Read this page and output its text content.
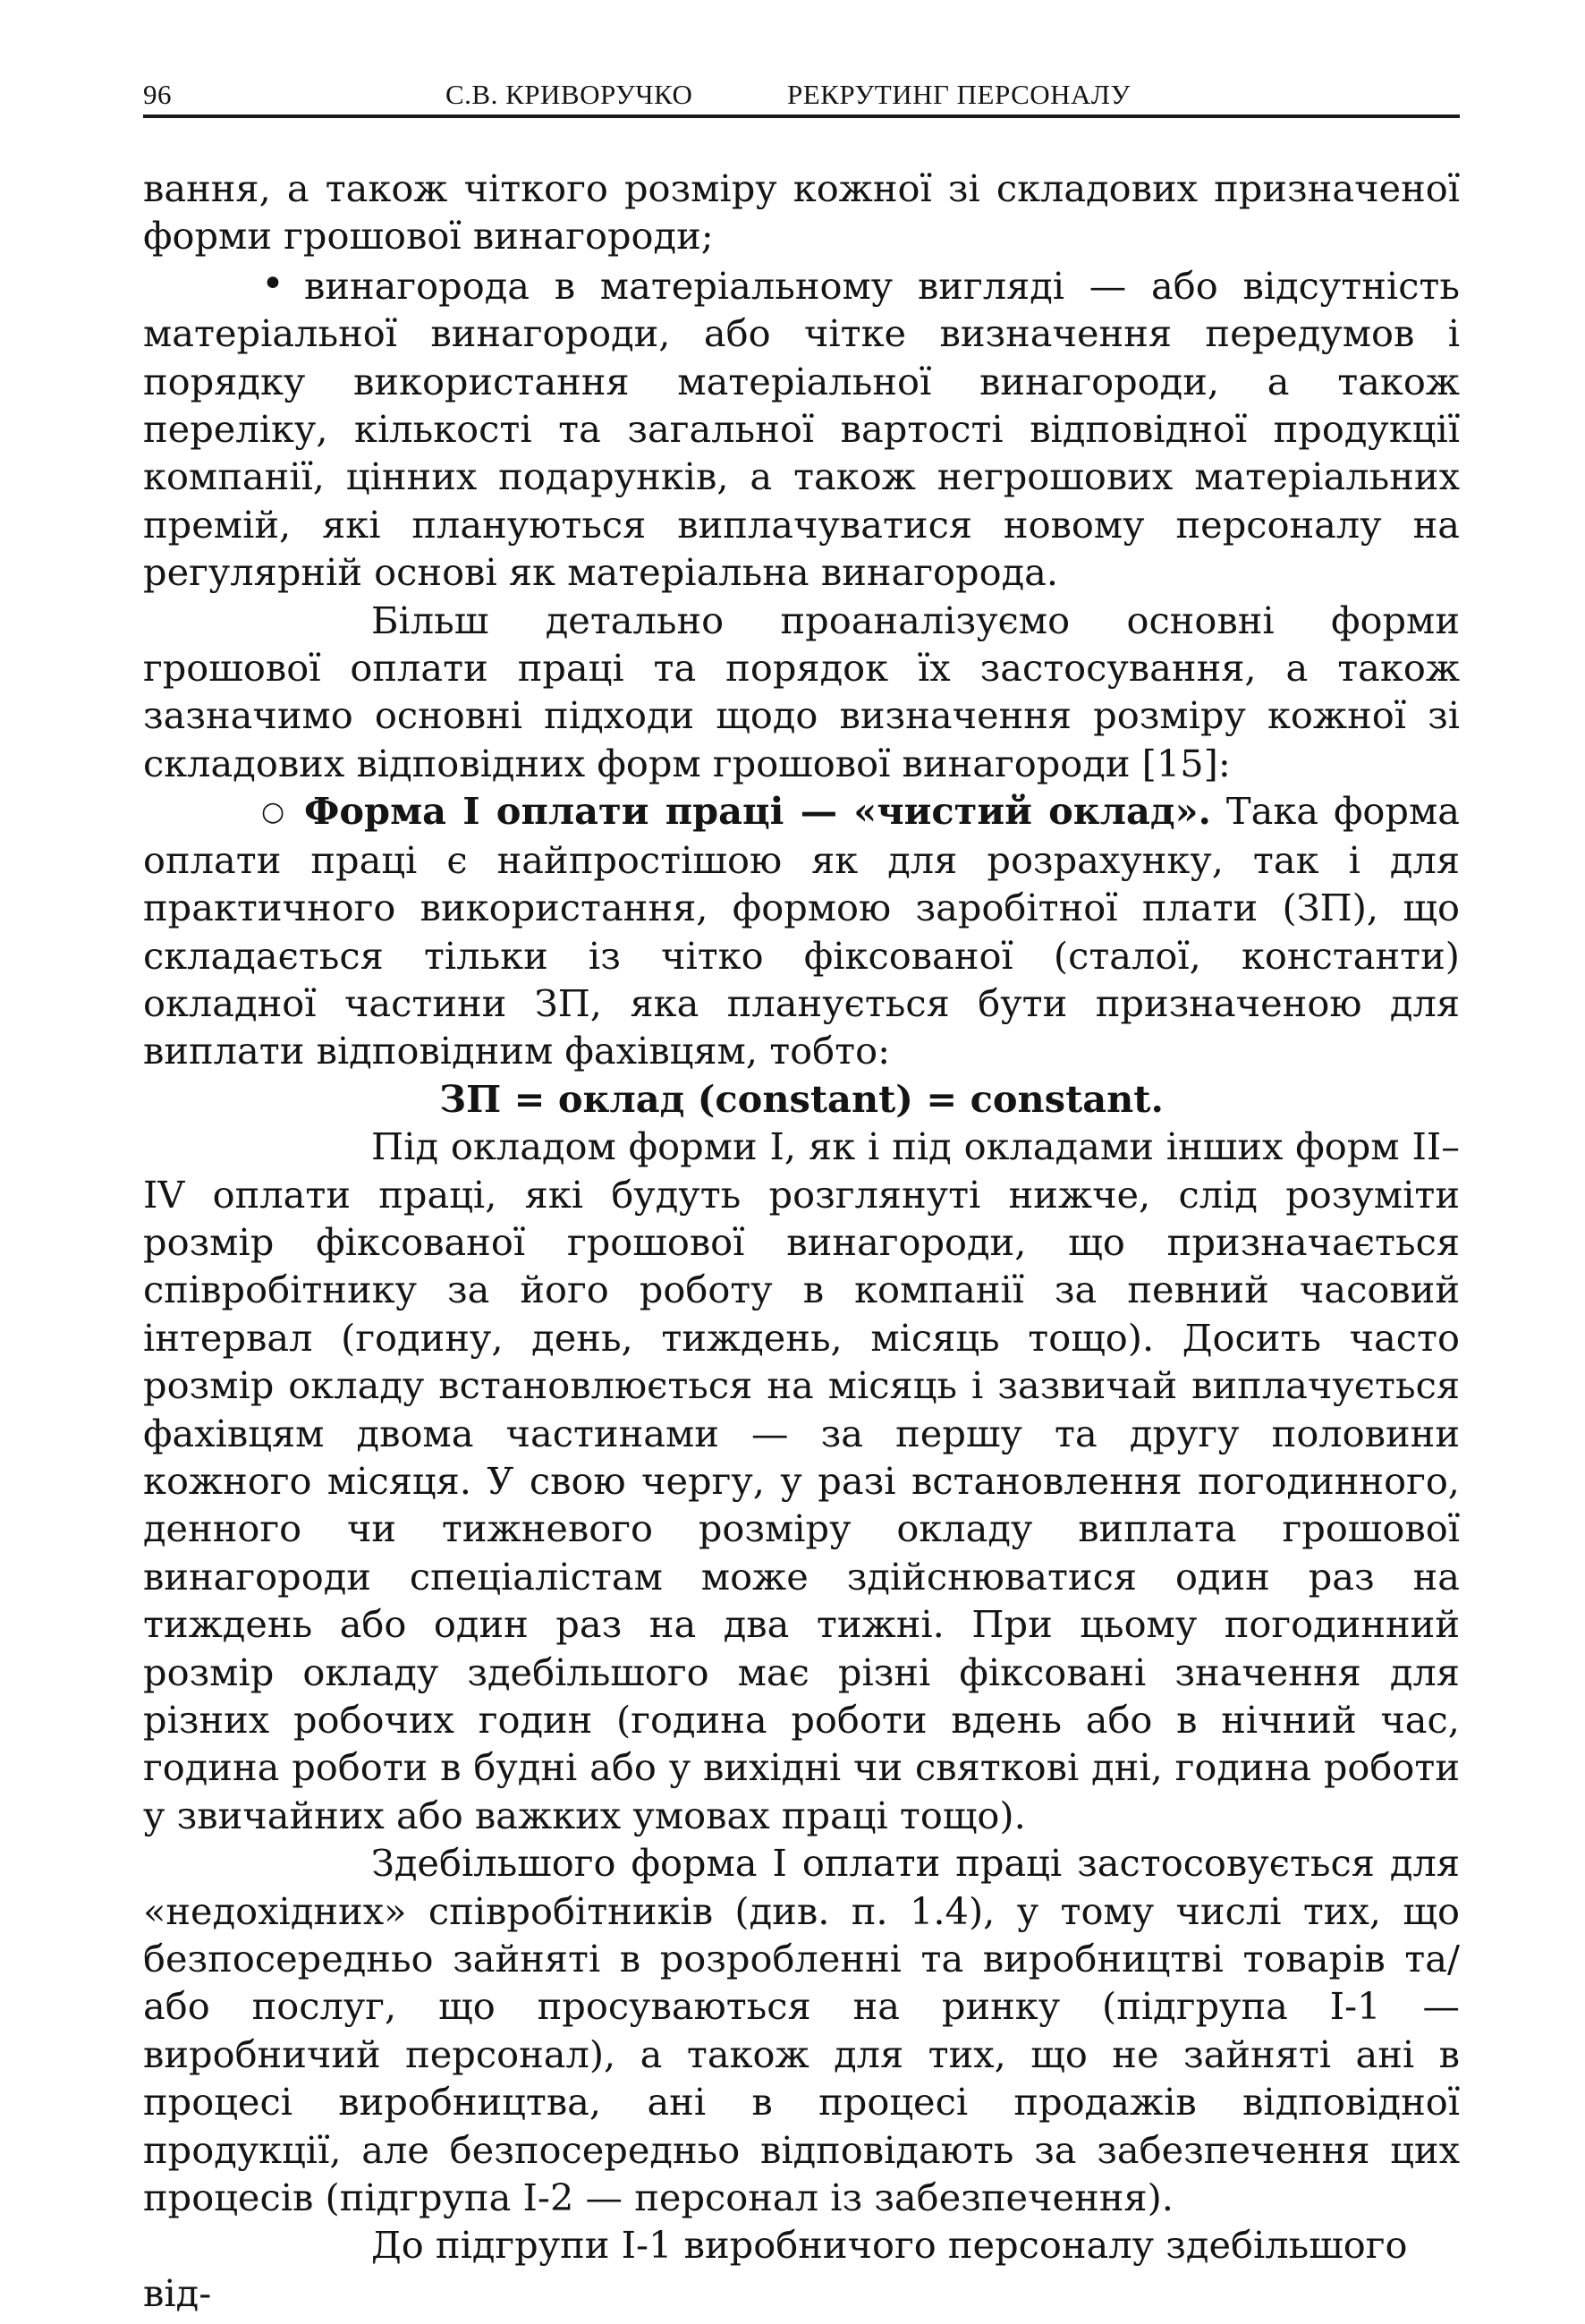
96	С.В. КРИВОРУЧКО	РЕКРУТИНГ ПЕРСОНАЛУ

вання, а також чіткого розміру кожної зі складових призначеної форми грошової винагороди;

• винагорода в матеріальному вигляді — або відсутність матеріальної винагороди, або чітке визначення передумов і порядку використання матеріальної винагороди, а також переліку, кількості та загальної вартості відповідної продукції компанії, цінних подарунків, а також негрошових матеріальних премій, які плануються виплачуватися новому персоналу на регулярній основі як матеріальна винагорода.

Більш детально проаналізуємо основні форми грошової оплати праці та порядок їх застосування, а також зазначимо основні підходи щодо визначення розміру кожної зі складових відповідних форм грошової винагороди [15]:

○ Форма І оплати праці — «чистий оклад». Така форма оплати праці є найпростішою як для розрахунку, так і для практичного використання, формою заробітної плати (ЗП), що складається тільки із чітко фіксованої (сталої, константи) окладної частини ЗП, яка планується бути призначеною для виплати відповідним фахівцям, тобто:

ЗП = оклад (constant) = constant.

Під окладом форми І, як і під окладами інших форм ІІ–IV оплати праці, які будуть розглянуті нижче, слід розуміти розмір фіксованої грошової винагороди, що призначається співробітнику за його роботу в компанії за певний часовий інтервал (годину, день, тиждень, місяць тощо). Досить часто розмір окладу встановлюється на місяць і зазвичай виплачується фахівцям двома частинами — за першу та другу половини кожного місяця. У свою чергу, у разі встановлення погодинного, денного чи тижневого розміру окладу виплата грошової винагороди спеціалістам може здійснюватися один раз на тиждень або один раз на два тижні. При цьому погодинний розмір окладу здебільшого має різні фіксовані значення для різних робочих годин (година роботи вдень або в нічний час, година роботи в будні або у вихідні чи святкові дні, година роботи у звичайних або важких умовах праці тощо).

Здебільшого форма І оплати праці застосовується для «недохідних» співробітників (див. п. 1.4), у тому числі тих, що безпосередньо зайняті в розробленні та виробництві товарів та/або послуг, що просуваються на ринку (підгрупа І-1 — виробничий персонал), а також для тих, що не зайняті ані в процесі виробництва, ані в процесі продажів відповідної продукції, але безпосередньо відповідають за забезпечення цих процесів (підгрупа І-2 — персонал із забезпечення).

До підгрупи І-1 виробничого персоналу здебільшого від-
